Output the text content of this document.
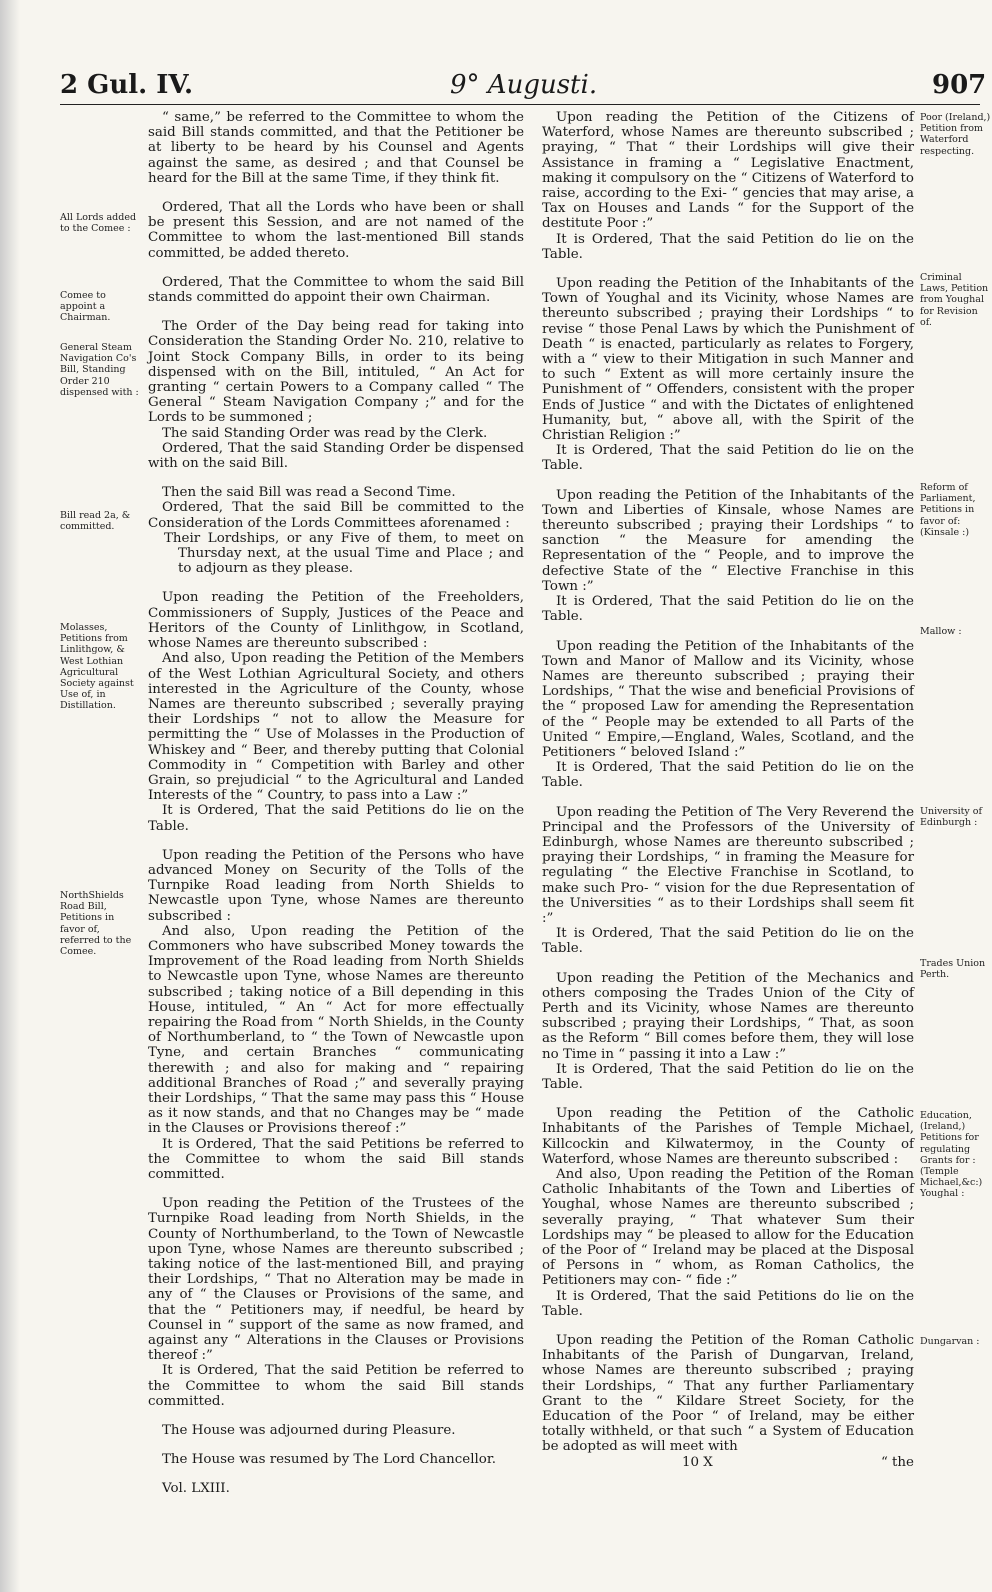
2 Gul. IV.	9° Augusti.	907
All Lords added to the Comee :
Comee to appoint a Chairman.
General Steam Navigation Co's Bill, Standing Order 210 dispensed with :
Bill read 2a, & committed.
Molasses, Petitions from Linlithgow, & West Lothian Agricultural Society against Use of, in Distillation.
NorthShields Road Bill, Petitions in favor of, referred to the Comee.

“ same,” be referred to the Committee to whom the said Bill stands committed, and that the Petitioner be at liberty to be heard by his Counsel and Agents against the same, as desired ; and that Counsel be heard for the Bill at the same Time, if they think fit.

Ordered, That all the Lords who have been or shall be present this Session, and are not named of the Committee to whom the last-mentioned Bill stands committed, be added thereto.

Ordered, That the Committee to whom the said Bill stands committed do appoint their own Chairman.

The Order of the Day being read for taking into Consideration the Standing Order No. 210, relative to Joint Stock Company Bills, in order to its being dispensed with on the Bill, intituled, “ An Act for granting “ certain Powers to a Company called “ The General “ Steam Navigation Company ;” and for the Lords to be summoned ;

The said Standing Order was read by the Clerk.

Ordered, That the said Standing Order be dispensed with on the said Bill.

Then the said Bill was read a Second Time.

Ordered, That the said Bill be committed to the Consideration of the Lords Committees aforenamed :

Their Lordships, or any Five of them, to meet on Thursday next, at the usual Time and Place ; and to adjourn as they please.

Upon reading the Petition of the Freeholders, Commissioners of Supply, Justices of the Peace and Heritors of the County of Linlithgow, in Scotland, whose Names are thereunto subscribed :

And also, Upon reading the Petition of the Members of the West Lothian Agricultural Society, and others interested in the Agriculture of the County, whose Names are thereunto subscribed ; severally praying their Lordships “ not to allow the Measure for permitting the “ Use of Molasses in the Production of Whiskey and “ Beer, and thereby putting that Colonial Commodity in “ Competition with Barley and other Grain, so prejudicial “ to the Agricultural and Landed Interests of the “ Country, to pass into a Law :”

It is Ordered, That the said Petitions do lie on the Table.

Upon reading the Petition of the Persons who have advanced Money on Security of the Tolls of the Turnpike Road leading from North Shields to Newcastle upon Tyne, whose Names are thereunto subscribed :

And also, Upon reading the Petition of the Commoners who have subscribed Money towards the Improvement of the Road leading from North Shields to Newcastle upon Tyne, whose Names are thereunto subscribed ; taking notice of a Bill depending in this House, intituled, “ An “ Act for more effectually repairing the Road from “ North Shields, in the County of Northumberland, to “ the Town of Newcastle upon Tyne, and certain Branches “ communicating therewith ; and also for making and “ repairing additional Branches of Road ;” and severally praying their Lordships, “ That the same may pass this “ House as it now stands, and that no Changes may be “ made in the Clauses or Provisions thereof :”

It is Ordered, That the said Petitions be referred to the Committee to whom the said Bill stands committed.

Upon reading the Petition of the Trustees of the Turnpike Road leading from North Shields, in the County of Northumberland, to the Town of Newcastle upon Tyne, whose Names are thereunto subscribed ; taking notice of the last-mentioned Bill, and praying their Lordships, “ That no Alteration may be made in any of “ the Clauses or Provisions of the same, and that the “ Petitioners may, if needful, be heard by Counsel in “ support of the same as now framed, and against any “ Alterations in the Clauses or Provisions thereof :”

It is Ordered, That the said Petition be referred to the Committee to whom the said Bill stands committed.

The House was adjourned during Pleasure.

The House was resumed by The Lord Chancellor.

Vol. LXIII.

Upon reading the Petition of the Citizens of Waterford, whose Names are thereunto subscribed ; praying, “ That “ their Lordships will give their Assistance in framing a “ Legislative Enactment, making it compulsory on the “ Citizens of Waterford to raise, according to the Exi- “ gencies that may arise, a Tax on Houses and Lands “ for the Support of the destitute Poor :”

It is Ordered, That the said Petition do lie on the Table.

Upon reading the Petition of the Inhabitants of the Town of Youghal and its Vicinity, whose Names are thereunto subscribed ; praying their Lordships “ to revise “ those Penal Laws by which the Punishment of Death “ is enacted, particularly as relates to Forgery, with a “ view to their Mitigation in such Manner and to such “ Extent as will more certainly insure the Punishment of “ Offenders, consistent with the proper Ends of Justice “ and with the Dictates of enlightened Humanity, but, “ above all, with the Spirit of the Christian Religion :”

It is Ordered, That the said Petition do lie on the Table.

Upon reading the Petition of the Inhabitants of the Town and Liberties of Kinsale, whose Names are thereunto subscribed ; praying their Lordships “ to sanction “ the Measure for amending the Representation of the “ People, and to improve the defective State of the “ Elective Franchise in this Town :”

It is Ordered, That the said Petition do lie on the Table.

Upon reading the Petition of the Inhabitants of the Town and Manor of Mallow and its Vicinity, whose Names are thereunto subscribed ; praying their Lordships, “ That the wise and beneficial Provisions of the “ proposed Law for amending the Representation of the “ People may be extended to all Parts of the United “ Empire,—England, Wales, Scotland, and the Petitioners “ beloved Island :”

It is Ordered, That the said Petition do lie on the Table.

Upon reading the Petition of The Very Reverend the Principal and the Professors of the University of Edinburgh, whose Names are thereunto subscribed ; praying their Lordships, “ in framing the Measure for regulating “ the Elective Franchise in Scotland, to make such Pro- “ vision for the due Representation of the Universities “ as to their Lordships shall seem fit :”

It is Ordered, That the said Petition do lie on the Table.

Upon reading the Petition of the Mechanics and others composing the Trades Union of the City of Perth and its Vicinity, whose Names are thereunto subscribed ; praying their Lordships, “ That, as soon as the Reform “ Bill comes before them, they will lose no Time in “ passing it into a Law :”

It is Ordered, That the said Petition do lie on the Table.

Upon reading the Petition of the Catholic Inhabitants of the Parishes of Temple Michael, Killcockin and Kilwatermoy, in the County of Waterford, whose Names are thereunto subscribed :

And also, Upon reading the Petition of the Roman Catholic Inhabitants of the Town and Liberties of Youghal, whose Names are thereunto subscribed ; severally praying, “ That whatever Sum their Lordships may “ be pleased to allow for the Education of the Poor of “ Ireland may be placed at the Disposal of Persons in “ whom, as Roman Catholics, the Petitioners may con- “ fide :”

It is Ordered, That the said Petitions do lie on the Table.

Upon reading the Petition of the Roman Catholic Inhabitants of the Parish of Dungarvan, Ireland, whose Names are thereunto subscribed ; praying their Lordships, “ That any further Parliamentary Grant to the “ Kildare Street Society, for the Education of the Poor “ of Ireland, may be either totally withheld, or that such “ a System of Education be adopted as will meet with

10 X	“ the
Poor (Ireland,) Petition from Waterford respecting.
Criminal Laws, Petition from Youghal for Revision of.
Reform of Parliament, Petitions in favor of: (Kinsale :)
Mallow :
University of Edinburgh :
Trades Union Perth.
Education, (Ireland,) Petitions for regulating Grants for : (Temple Michael,&c:) Youghal :
Dungarvan :
